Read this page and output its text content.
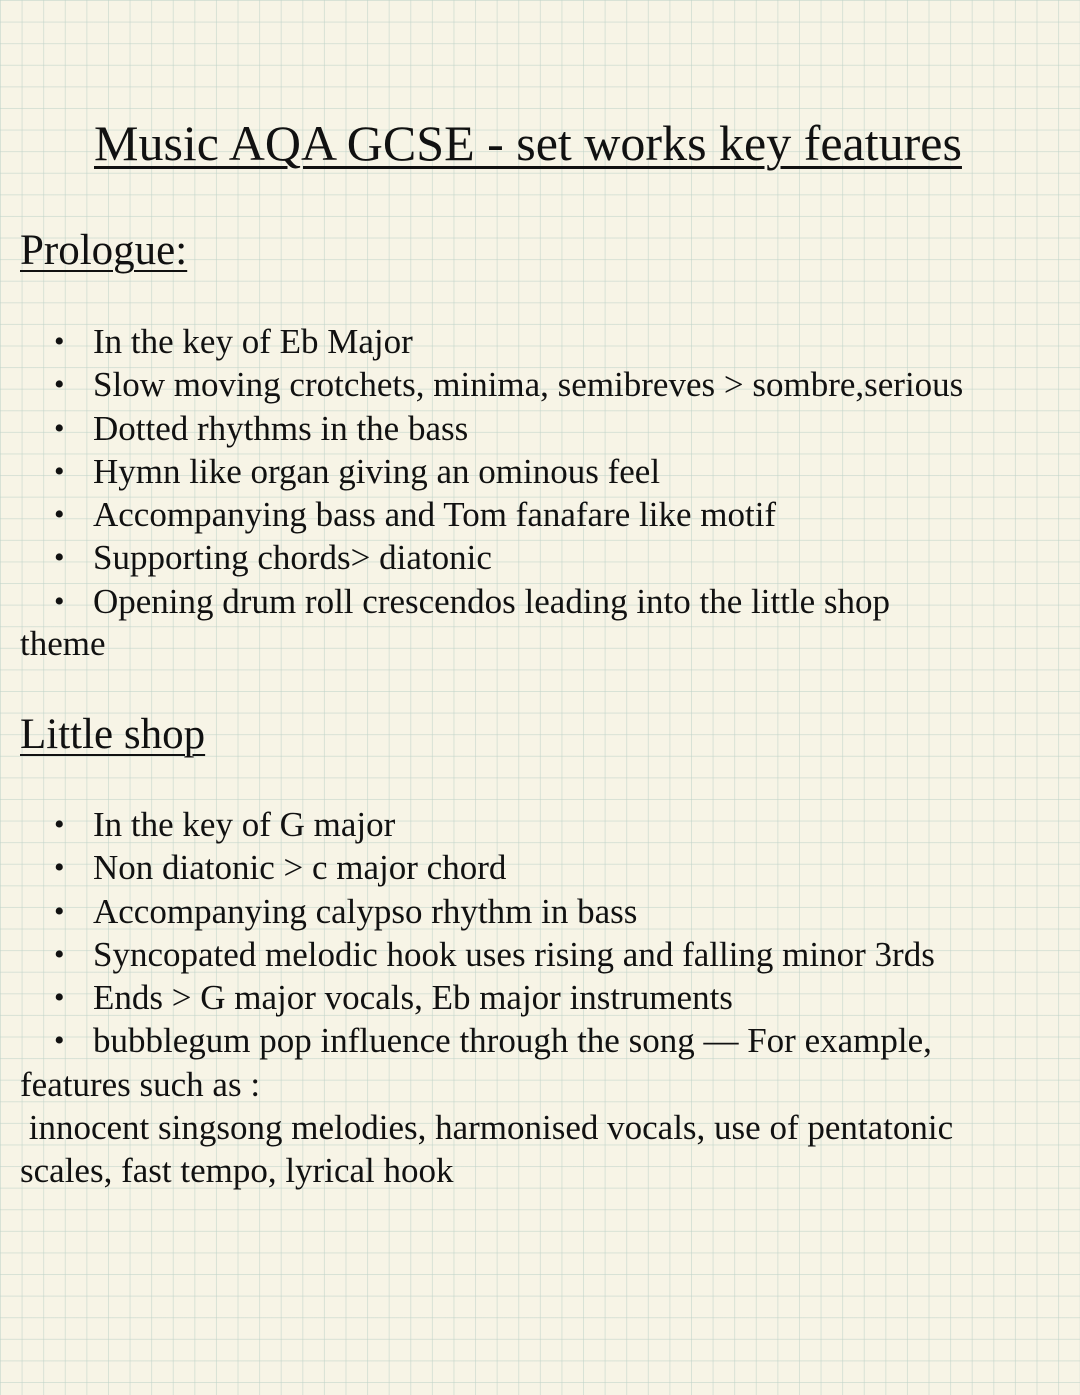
Music AQA GCSE - set works key features
Prologue:
• In the key of Eb Major
• Slow moving crotchets, minima, semibreves > sombre,serious
• Dotted rhythms in the bass
• Hymn like organ giving an ominous feel
• Accompanying bass and Tom fanafare like motif
• Supporting chords> diatonic
• Opening drum roll crescendos leading into the little shop

theme

Little shop
• In the key of G major
• Non diatonic > c major chord
• Accompanying calypso rhythm in bass
• Syncopated melodic hook uses rising and falling minor 3rds
• Ends > G major vocals, Eb major instruments
• bubblegum pop influence through the song — For example,

features such as :

innocent singsong melodies, harmonised vocals, use of pentatonic

scales, fast tempo, lyrical hook
